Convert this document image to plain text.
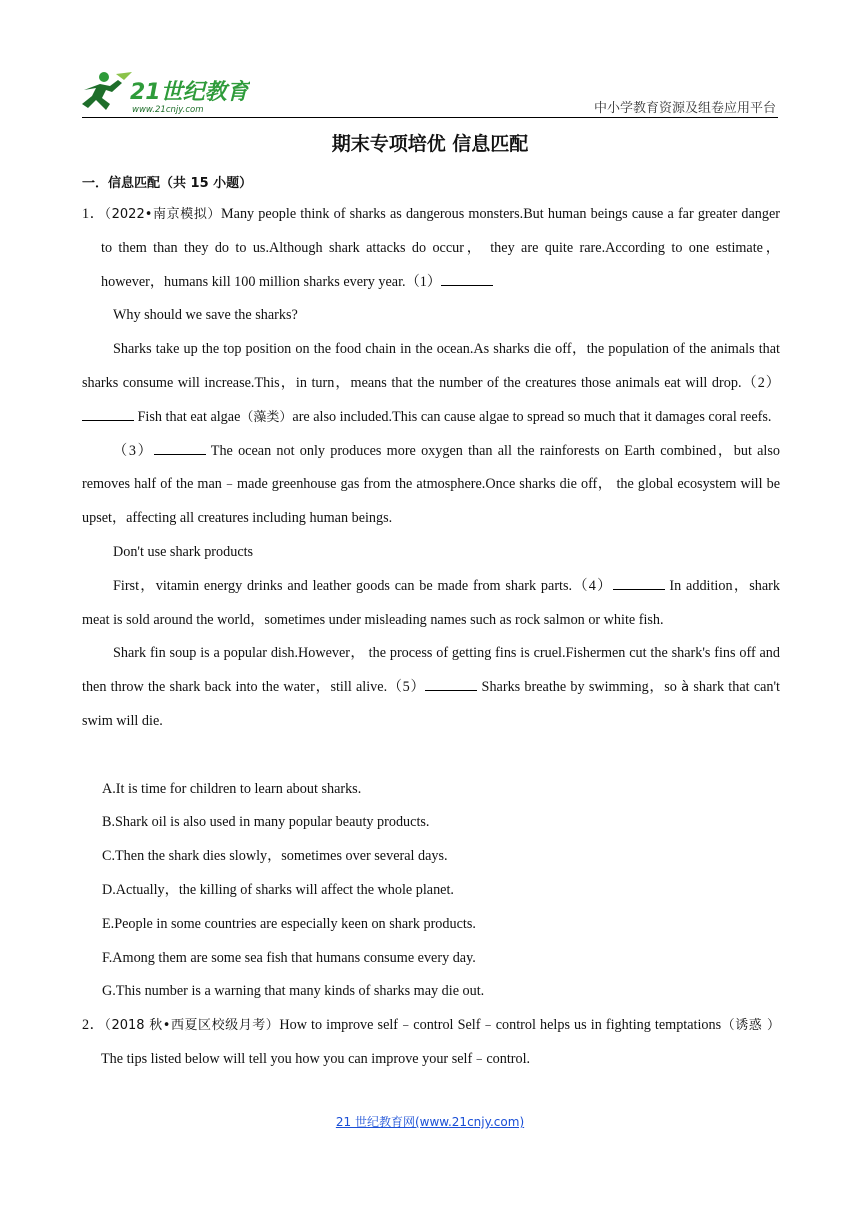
21世纪教育
www.21cnjy.com	中小学教育资源及组卷应用平台
期末专项培优 信息匹配
一．信息匹配（共 15 小题）

1．（2022•南京模拟）Many people think of sharks as dangerous monsters.But human beings cause a far greater danger to them than they do to us.Although shark attacks do occur， they are quite rare.According to one estimate，however，humans kill 100 million sharks every year.（1）

Why should we save the sharks?

Sharks take up the top position on the food chain in the ocean.As sharks die off，the population of the animals that sharks consume will increase.This，in turn，means that the number of the creatures those animals eat will drop.（2） Fish that eat algae（藻类）are also included.This can cause algae to spread so much that it damages coral reefs.

（3）	The ocean not only produces more oxygen than all the rainforests on Earth combined，but also removes half of the man﹣made greenhouse gas from the atmosphere.Once sharks die off， the global ecosystem will be upset，affecting all creatures including human beings.

Don't use shark products

First，vitamin energy drinks and leather goods can be made from shark parts.（4）	In addition，shark meat is sold around the world，sometimes under misleading names such as rock salmon or white fish.

Shark fin soup is a popular dish.However， the process of getting fins is cruel.Fishermen cut the shark's fins off and then throw the shark back into the water，still alive.（5）	Sharks breathe by swimming，so à shark that can't swim will die.

A.It is time for children to learn about sharks.

B.Shark oil is also used in many popular beauty products.

C.Then the shark dies slowly，sometimes over several days.

D.Actually，the killing of sharks will affect the whole planet.

E.People in some countries are especially keen on shark products.

F.Among them are some sea fish that humans consume every day.

G.This number is a warning that many kinds of sharks may die out.

2．（2018 秋•西夏区校级月考）How to improve self﹣control Self﹣control helps us in fighting temptations（诱惑 ）The tips listed below will tell you how you can improve your self﹣control.

21 世纪教育网(www.21cnjy.com)
